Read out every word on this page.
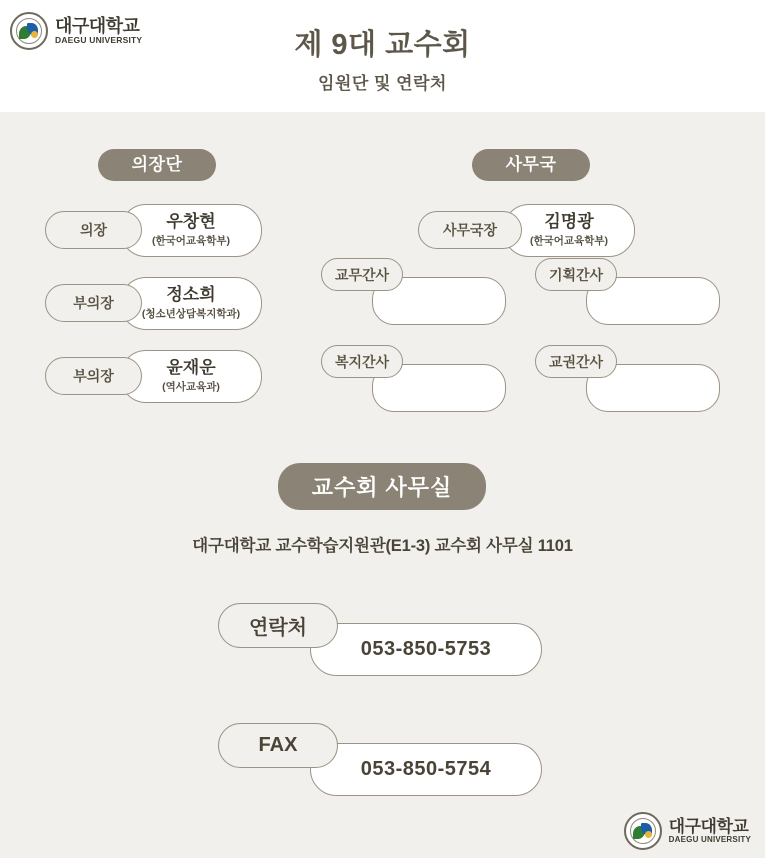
대구대학교
DAEGU UNIVERSITY	제 9대 교수회
임원단 및 연락처
의장단
우창현
(한국어교육학부)
의장
정소희
(청소년상담복지학과)
부의장
윤재운
(역사교육과)
부의장
사무국
김명광
(한국어교육학부)
사무국장
교무간사	기획간사
복지간사	교권간사
교수회 사무실
대구대학교 교수학습지원관(E1-3) 교수회 사무실 1101
053-850-5753
연락처
053-850-5754
FAX
대구대학교
DAEGU UNIVERSITY
